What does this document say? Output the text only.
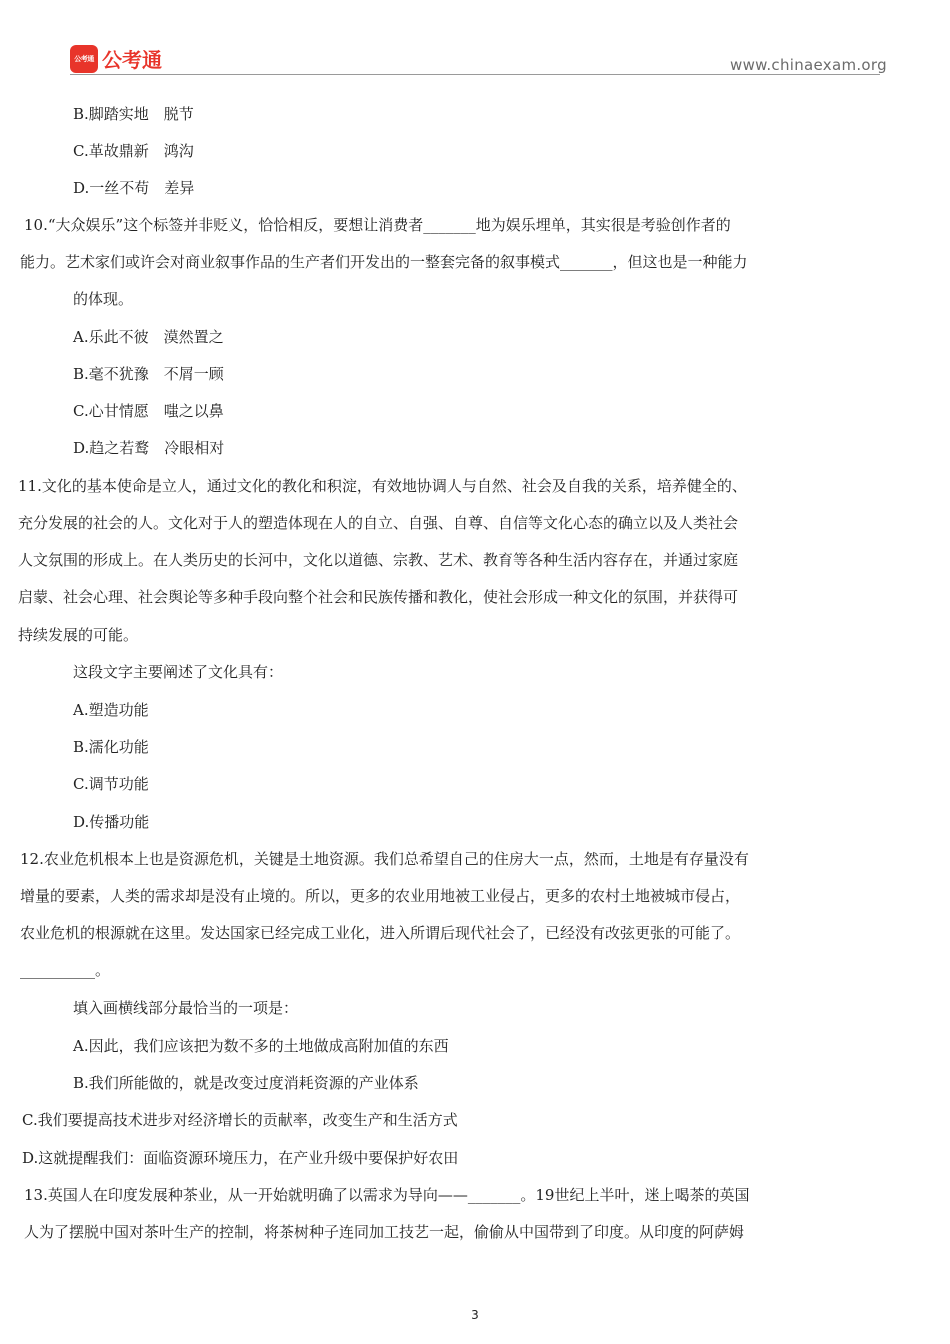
公考通 公考通	www.chinaexam.org
B.脚踏实地　脱节
C.革故鼎新　鸿沟
D.一丝不苟　差异
10.“大众娱乐”这个标签并非贬义，恰恰相反，要想让消费者_______地为娱乐埋单，其实很是考验创作者的
能力。艺术家们或许会对商业叙事作品的生产者们开发出的一整套完备的叙事模式_______，但这也是一种能力
的体现。
A.乐此不彼　漠然置之
B.毫不犹豫　不屑一顾
C.心甘情愿　嗤之以鼻
D.趋之若鹜　冷眼相对
11.文化的基本使命是立人，通过文化的教化和积淀，有效地协调人与自然、社会及自我的关系，培养健全的、
充分发展的社会的人。文化对于人的塑造体现在人的自立、自强、自尊、自信等文化心态的确立以及人类社会
人文氛围的形成上。在人类历史的长河中，文化以道德、宗教、艺术、教育等各种生活内容存在，并通过家庭
启蒙、社会心理、社会舆论等多种手段向整个社会和民族传播和教化，使社会形成一种文化的氛围，并获得可
持续发展的可能。
这段文字主要阐述了文化具有：
A.塑造功能
B.濡化功能
C.调节功能
D.传播功能
12.农业危机根本上也是资源危机，关键是土地资源。我们总希望自己的住房大一点，然而，土地是有存量没有
增量的要素，人类的需求却是没有止境的。所以，更多的农业用地被工业侵占，更多的农村土地被城市侵占，
农业危机的根源就在这里。发达国家已经完成工业化，进入所谓后现代社会了，已经没有改弦更张的可能了。
__________。
填入画横线部分最恰当的一项是：
A.因此，我们应该把为数不多的土地做成高附加值的东西
B.我们所能做的，就是改变过度消耗资源的产业体系
C.我们要提高技术进步对经济增长的贡献率，改变生产和生活方式
D.这就提醒我们：面临资源环境压力，在产业升级中要保护好农田
13.英国人在印度发展种茶业，从一开始就明确了以需求为导向——_______。19世纪上半叶，迷上喝茶的英国
人为了摆脱中国对茶叶生产的控制，将茶树种子连同加工技艺一起，偷偷从中国带到了印度。从印度的阿萨姆
3
